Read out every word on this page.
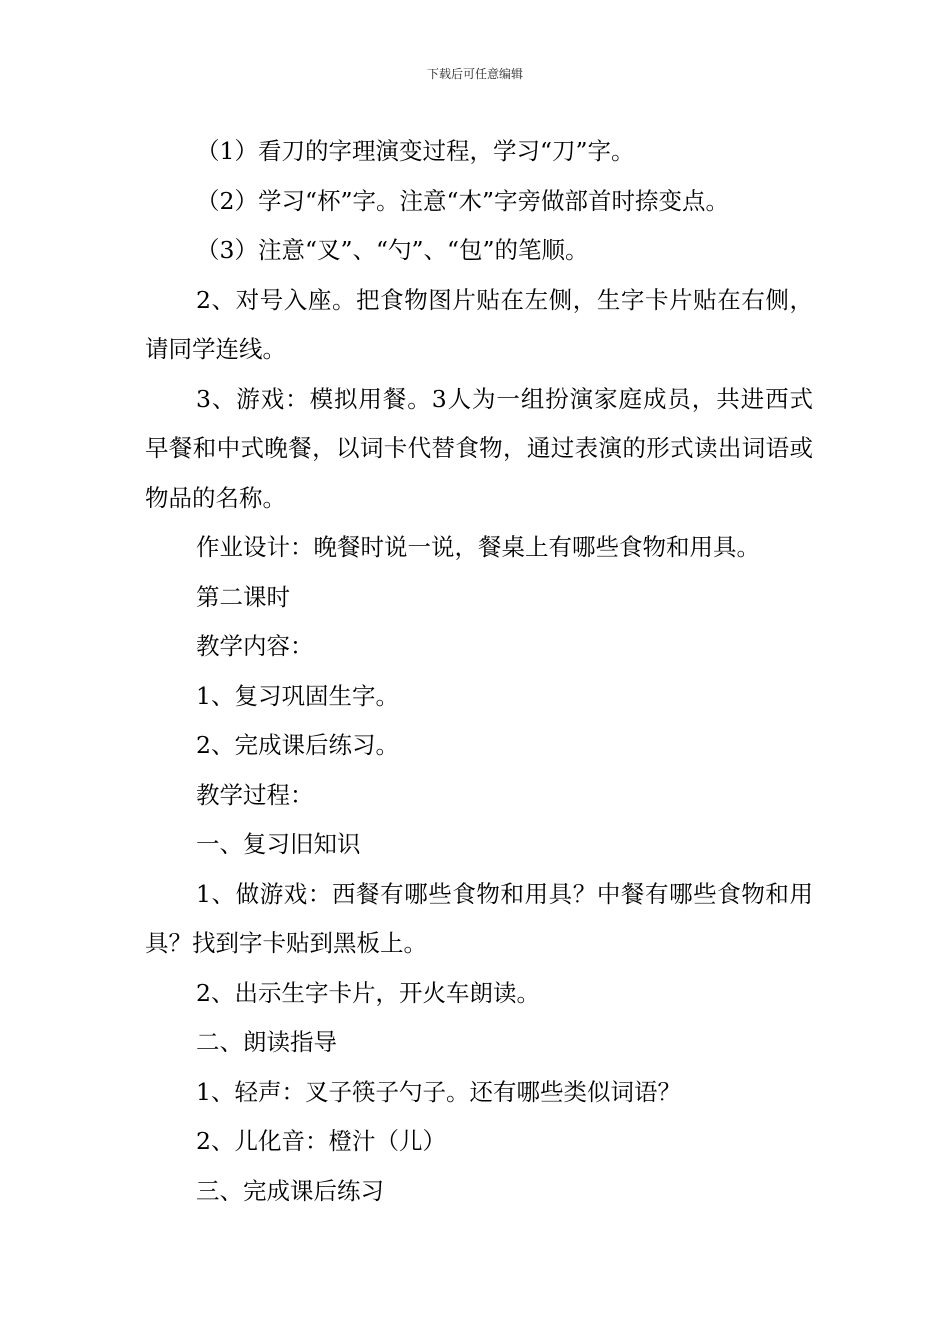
下载后可任意编辑

（1）看刀的字理演变过程，学习“刀”字。

（2）学习“杯”字。注意“木”字旁做部首时捺变点。

（3）注意“叉”、“勺”、“包”的笔顺。

2、对号入座。把食物图片贴在左侧，生字卡片贴在右侧，请同学连线。

3、游戏：模拟用餐。3人为一组扮演家庭成员，共进西式早餐和中式晚餐，以词卡代替食物，通过表演的形式读出词语或物品的名称。

作业设计：晚餐时说一说，餐桌上有哪些食物和用具。

第二课时

教学内容：

1、复习巩固生字。

2、完成课后练习。

教学过程：

一、复习旧知识

1、做游戏：西餐有哪些食物和用具？中餐有哪些食物和用具？找到字卡贴到黑板上。

2、出示生字卡片，开火车朗读。

二、朗读指导

1、轻声：叉子筷子勺子。还有哪些类似词语？

2、儿化音：橙汁（儿）

三、完成课后练习
